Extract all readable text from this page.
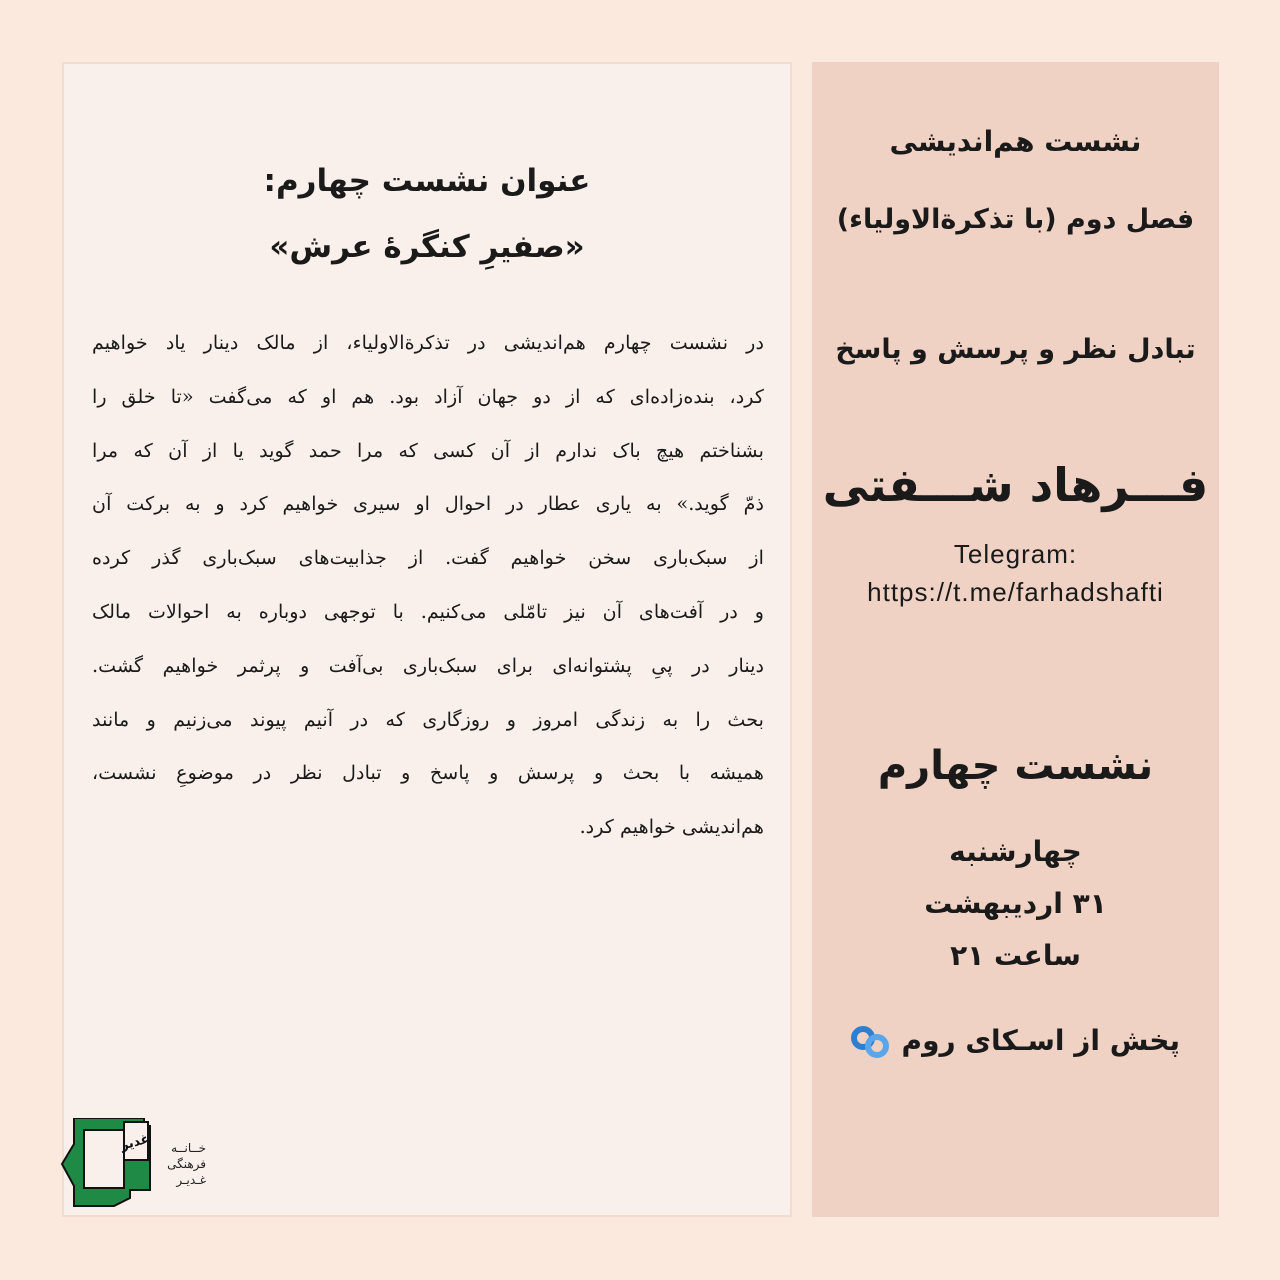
عنوان نشست چهارم:
«صفیرِ کنگرهٔ عرش»
در نشست چهارم هم‌اندیشی در تذکرةالاولیاء، از مالک دینار یاد خواهیم
کرد، بنده‌زاده‌ای که از دو جهان آزاد بود. هم او که می‌گفت «تا خلق را
بشناختم هیچ باک ندارم از آن کسی که مرا حمد گوید یا از آن که مرا
ذمّ گوید.» به یاری عطار در احوال او سیری خواهیم کرد و به برکت آن
از سبک‌باری سخن خواهیم گفت. از جذابیت‌های سبک‌باری گذر کرده
و در آفت‌های آن نیز تامّلی می‌کنیم. با توجهی دوباره به احوالات مالک
دینار در پیِ پشتوانه‌ای برای سبک‌باری بی‌آفت و پرثمر خواهیم گشت.
بحث را به زندگی امروز و روزگاری که در آنیم پیوند می‌زنیم و مانند
همیشه با بحث و پرسش و پاسخ و تبادل نظر در موضوعِ نشست،
هم‌اندیشی خواهیم کرد.
غدیر	خــانــه
فرهنگی
غـدیـر
نشست هم‌اندیشی
فصل دوم (با تذکرةالاولیاء)
تبادل نظر و پرسش و پاسخ
فـــرهاد شـــفتی
Telegram:
https://t.me/farhadshafti
نشست چهارم
چهارشنبه
۳۱ اردیبهشت
ساعت ۲۱
پخش از اسـکای روم
